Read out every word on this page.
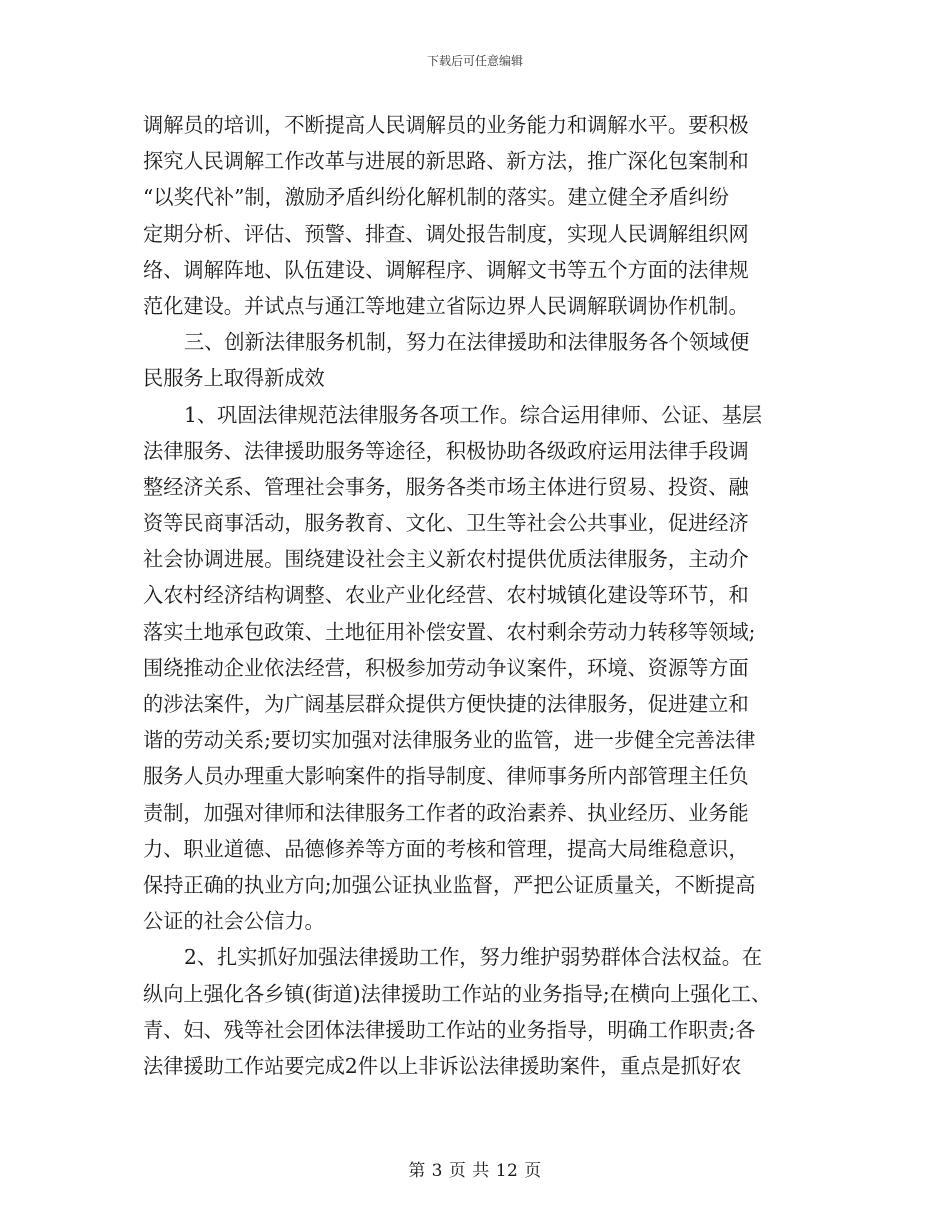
下载后可任意编辑
调解员的培训，不断提高人民调解员的业务能力和调解水平。要积极
探究人民调解工作改革与进展的新思路、新方法，推广深化包案制和
“以奖代补”制，激励矛盾纠纷化解机制的落实。建立健全矛盾纠纷
定期分析、评估、预警、排查、调处报告制度，实现人民调解组织网
络、调解阵地、队伍建设、调解程序、调解文书等五个方面的法律规
范化建设。并试点与通江等地建立省际边界人民调解联调协作机制。
三、创新法律服务机制，努力在法律援助和法律服务各个领域便
民服务上取得新成效
1、巩固法律规范法律服务各项工作。综合运用律师、公证、基层
法律服务、法律援助服务等途径，积极协助各级政府运用法律手段调
整经济关系、管理社会事务，服务各类市场主体进行贸易、投资、融
资等民商事活动，服务教育、文化、卫生等社会公共事业，促进经济
社会协调进展。围绕建设社会主义新农村提供优质法律服务，主动介
入农村经济结构调整、农业产业化经营、农村城镇化建设等环节，和
落实土地承包政策、土地征用补偿安置、农村剩余劳动力转移等领域;
围绕推动企业依法经营，积极参加劳动争议案件，环境、资源等方面
的涉法案件，为广阔基层群众提供方便快捷的法律服务，促进建立和
谐的劳动关系;要切实加强对法律服务业的监管，进一步健全完善法律
服务人员办理重大影响案件的指导制度、律师事务所内部管理主任负
责制，加强对律师和法律服务工作者的政治素养、执业经历、业务能
力、职业道德、品德修养等方面的考核和管理，提高大局维稳意识，
保持正确的执业方向;加强公证执业监督，严把公证质量关，不断提高
公证的社会公信力。
2、扎实抓好加强法律援助工作，努力维护弱势群体合法权益。在
纵向上强化各乡镇(街道)法律援助工作站的业务指导;在横向上强化工、
青、妇、残等社会团体法律援助工作站的业务指导，明确工作职责;各
法律援助工作站要完成2件以上非诉讼法律援助案件，重点是抓好农
第 3 页 共 12 页
